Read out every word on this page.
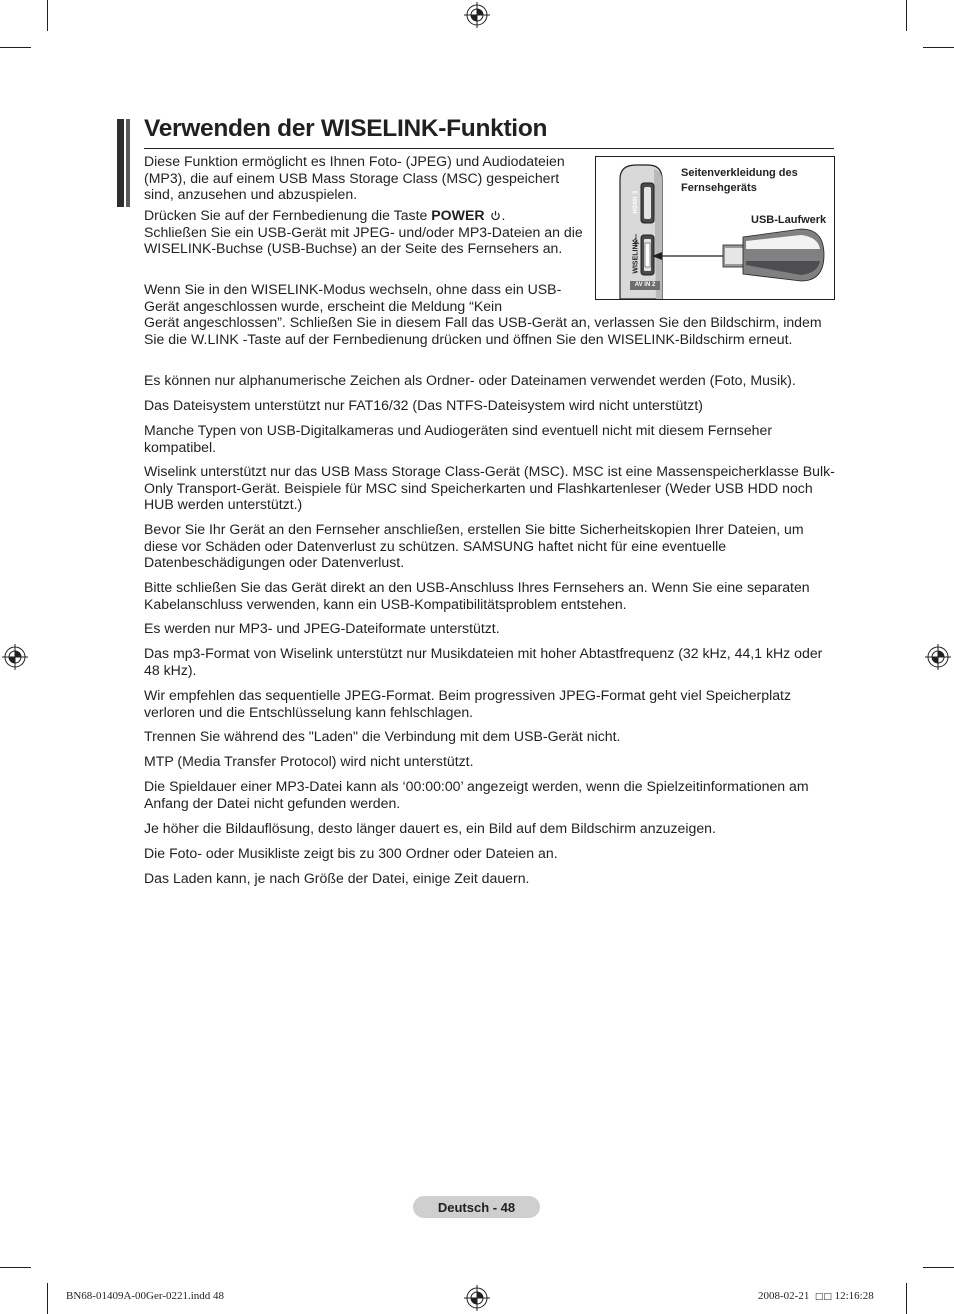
Verwenden der WISELINK-Funktion
HDMI 3
WISELINK
AV IN 2
Seitenverkleidung des
Fernsehgeräts
USB-Laufwerk

Diese Funktion ermöglicht es Ihnen Foto- (JPEG) und Audiodateien (MP3), die auf einem USB Mass Storage Class (MSC) gespeichert sind, anzusehen und abzuspielen.

Drücken Sie auf der Fernbedienung die Taste POWER .
Schließen Sie ein USB-Gerät mit JPEG- und/oder MP3-Dateien an die WISELINK-Buchse (USB-Buchse) an der Seite des Fernsehers an.

Wenn Sie in den WISELINK-Modus wechseln, ohne dass ein USB-Gerät angeschlossen wurde, erscheint die Meldung “Kein

Gerät angeschlossen”. Schließen Sie in diesem Fall das USB-Gerät an, verlassen Sie den Bildschirm, indem Sie die W.LINK -Taste auf der Fernbedienung drücken und öffnen Sie den WISELINK-Bildschirm erneut.

Es können nur alphanumerische Zeichen als Ordner- oder Dateinamen verwendet werden (Foto, Musik).

Das Dateisystem unterstützt nur FAT16/32 (Das NTFS-Dateisystem wird nicht unterstützt)

Manche Typen von USB-Digitalkameras und Audiogeräten sind eventuell nicht mit diesem Fernseher kompatibel.

Wiselink unterstützt nur das USB Mass Storage Class-Gerät (MSC). MSC ist eine Massenspeicherklasse Bulk-Only Transport-Gerät. Beispiele für MSC sind Speicherkarten und Flashkartenleser (Weder USB HDD noch HUB werden unterstützt.)

Bevor Sie Ihr Gerät an den Fernseher anschließen, erstellen Sie bitte Sicherheitskopien Ihrer Dateien, um diese vor Schäden oder Datenverlust zu schützen. SAMSUNG haftet nicht für eine eventuelle Datenbeschädigungen oder Datenverlust.

Bitte schließen Sie das Gerät direkt an den USB-Anschluss Ihres Fernsehers an. Wenn Sie eine separaten Kabelanschluss verwenden, kann ein USB-Kompatibilitätsproblem entstehen.

Es werden nur MP3- und JPEG-Dateiformate unterstützt.

Das mp3-Format von Wiselink unterstützt nur Musikdateien mit hoher Abtastfrequenz (32 kHz, 44,1 kHz oder 48 kHz).

Wir empfehlen das sequentielle JPEG-Format. Beim progressiven JPEG-Format geht viel Speicherplatz verloren und die Entschlüsselung kann fehlschlagen.

Trennen Sie während des "Laden" die Verbindung mit dem USB-Gerät nicht.

MTP (Media Transfer Protocol) wird nicht unterstützt.

Die Spieldauer einer MP3-Datei kann als ‘00:00:00’ angezeigt werden, wenn die Spielzeitinformationen am Anfang der Datei nicht gefunden werden.

Je höher die Bildauflösung, desto länger dauert es, ein Bild auf dem Bildschirm anzuzeigen.

Die Foto- oder Musikliste zeigt bis zu 300 Ordner oder Dateien an.

Das Laden kann, je nach Größe der Datei, einige Zeit dauern.

Deutsch - 48
BN68-01409A-00Ger-0221.indd 48	2008-02-21 □□ 12:16:28
